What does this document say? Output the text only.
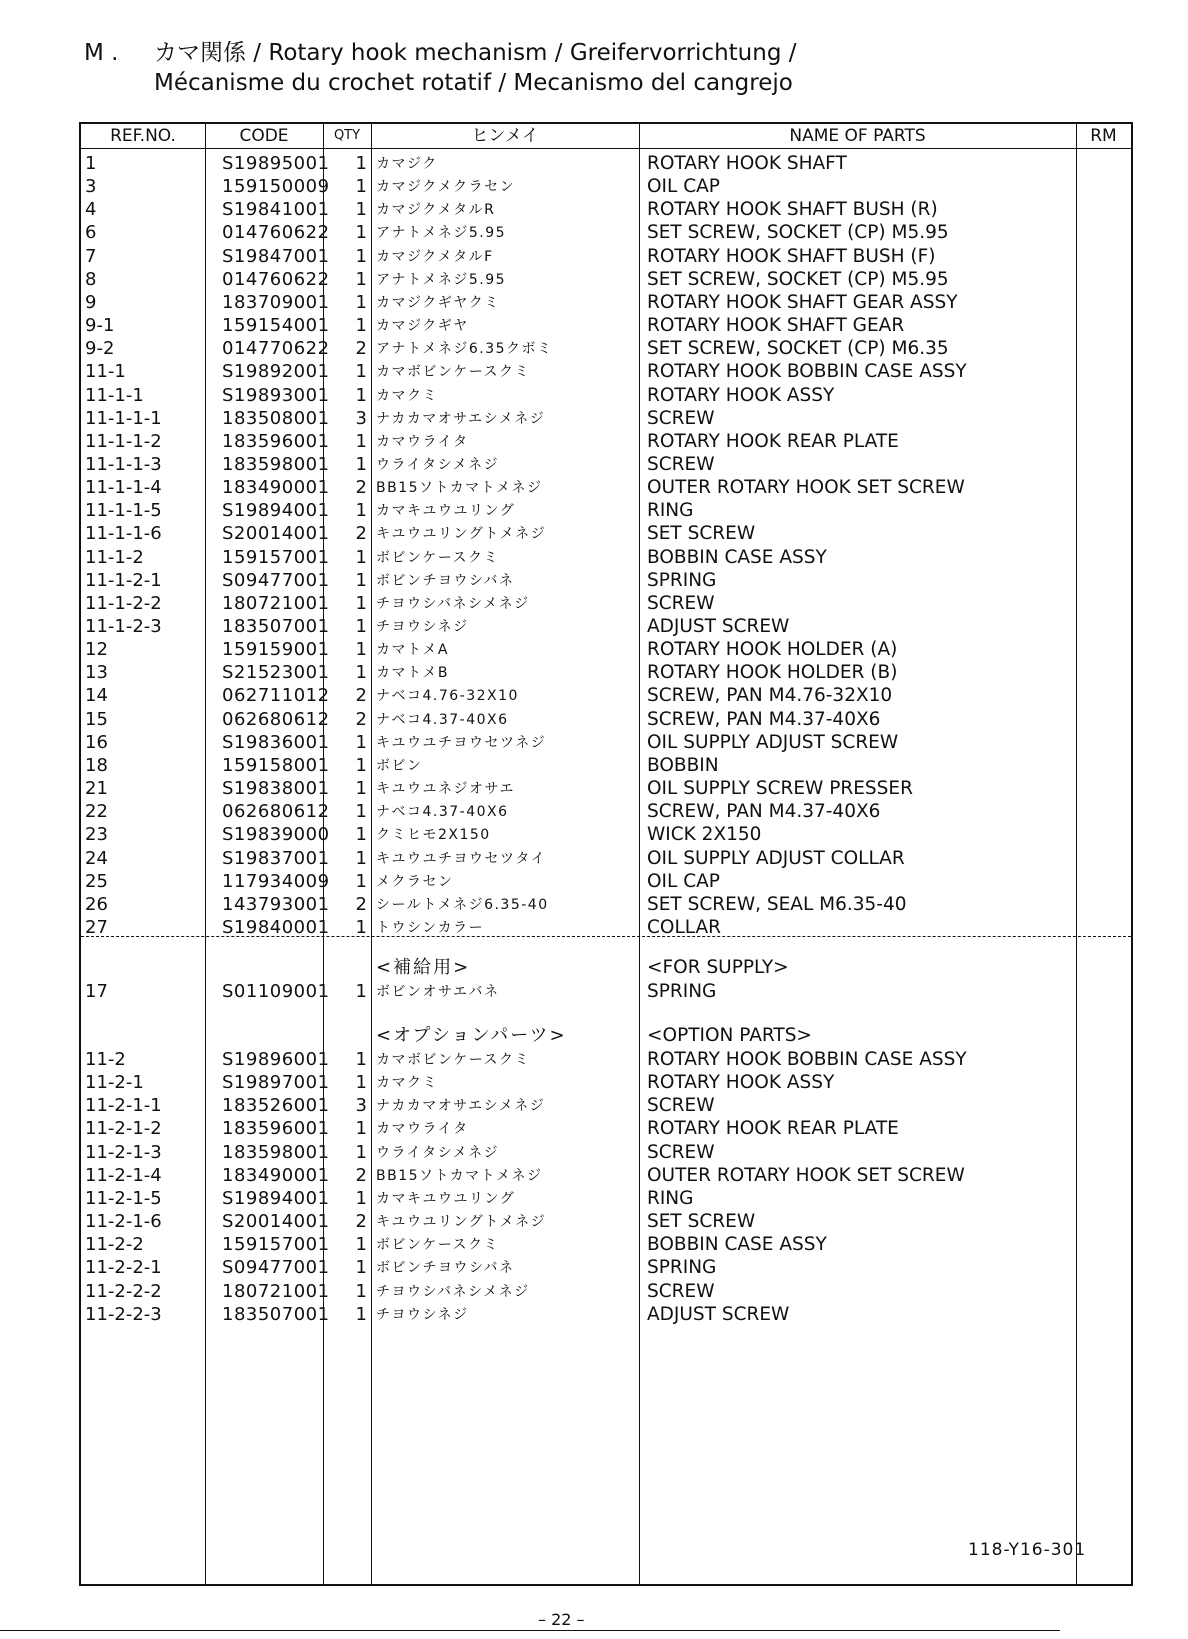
M . カマ関係 / Rotary hook mechanism / Greifervorrichtung /
Mécanisme du crochet rotatif / Mecanismo del cangrejo
REF.NO.	CODE	QTY	ヒンメイ	NAME OF PARTS	RM
1	S19895001	1 カマジク	ROTARY HOOK SHAFT
3	159150009	1 カマジクメクラセン	OIL CAP
4	S19841001	1 カマジクメタルR	ROTARY HOOK SHAFT BUSH (R)
6	014760622	1 アナトメネジ5.95	SET SCREW, SOCKET (CP) M5.95
7	S19847001	1 カマジクメタルF	ROTARY HOOK SHAFT BUSH (F)
8	014760622	1 アナトメネジ5.95	SET SCREW, SOCKET (CP) M5.95
9	183709001	1 カマジクギヤクミ	ROTARY HOOK SHAFT GEAR ASSY
9-1	159154001	1 カマジクギヤ	ROTARY HOOK SHAFT GEAR
9-2	014770622	2 アナトメネジ6.35クボミ	SET SCREW, SOCKET (CP) M6.35
11-1	S19892001	1 カマボビンケースクミ	ROTARY HOOK BOBBIN CASE ASSY
11-1-1	S19893001	1 カマクミ	ROTARY HOOK ASSY
11-1-1-1	183508001	3 ナカカマオサエシメネジ	SCREW
11-1-1-2	183596001	1 カマウライタ	ROTARY HOOK REAR PLATE
11-1-1-3	183598001	1 ウライタシメネジ	SCREW
11-1-1-4	183490001	2 BB15ソトカマトメネジ	OUTER ROTARY HOOK SET SCREW
11-1-1-5	S19894001	1 カマキユウユリング	RING
11-1-1-6	S20014001	2 キユウユリングトメネジ	SET SCREW
11-1-2	159157001	1 ボビンケースクミ	BOBBIN CASE ASSY
11-1-2-1	S09477001	1 ボビンチヨウシバネ	SPRING
11-1-2-2	180721001	1 チヨウシバネシメネジ	SCREW
11-1-2-3	183507001	1 チヨウシネジ	ADJUST SCREW
12	159159001	1 カマトメA	ROTARY HOOK HOLDER (A)
13	S21523001	1 カマトメB	ROTARY HOOK HOLDER (B)
14	062711012	2 ナベコ4.76-32X10	SCREW, PAN M4.76-32X10
15	062680612	2 ナベコ4.37-40X6	SCREW, PAN M4.37-40X6
16	S19836001	1 キユウユチヨウセツネジ	OIL SUPPLY ADJUST SCREW
18	159158001	1 ボビン	BOBBIN
21	S19838001	1 キユウユネジオサエ	OIL SUPPLY SCREW PRESSER
22	062680612	1 ナベコ4.37-40X6	SCREW, PAN M4.37-40X6
23	S19839000	1 クミヒモ2X150	WICK 2X150
24	S19837001	1 キユウユチヨウセツタイ	OIL SUPPLY ADJUST COLLAR
25	117934009	1 メクラセン	OIL CAP
26	143793001	2 シールトメネジ6.35-40	SET SCREW, SEAL M6.35-40
27	S19840001	1 トウシンカラー	COLLAR
<補給用>	<FOR SUPPLY>
17	S01109001	1 ボビンオサエバネ	SPRING
<オプションパーツ>	<OPTION PARTS>
11-2	S19896001	1 カマボビンケースクミ	ROTARY HOOK BOBBIN CASE ASSY
11-2-1	S19897001	1 カマクミ	ROTARY HOOK ASSY
11-2-1-1	183526001	3 ナカカマオサエシメネジ	SCREW
11-2-1-2	183596001	1 カマウライタ	ROTARY HOOK REAR PLATE
11-2-1-3	183598001	1 ウライタシメネジ	SCREW
11-2-1-4	183490001	2 BB15ソトカマトメネジ	OUTER ROTARY HOOK SET SCREW
11-2-1-5	S19894001	1 カマキユウユリング	RING
11-2-1-6	S20014001	2 キユウユリングトメネジ	SET SCREW
11-2-2	159157001	1 ボビンケースクミ	BOBBIN CASE ASSY
11-2-2-1	S09477001	1 ボビンチヨウシバネ	SPRING
11-2-2-2	180721001	1 チヨウシバネシメネジ	SCREW
11-2-2-3	183507001	1 チヨウシネジ	ADJUST SCREW
118-Y16-301
– 22 –
